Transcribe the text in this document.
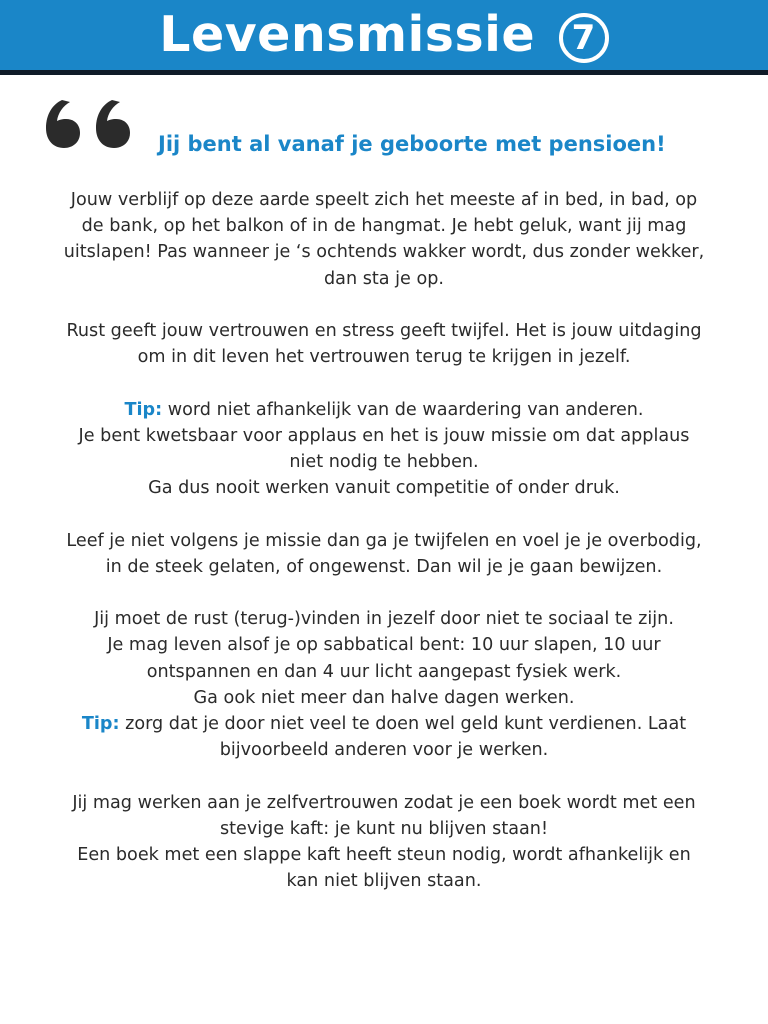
Levensmissie 7
Jij bent al vanaf je geboorte met pensioen!

Jouw verblijf op deze aarde speelt zich het meeste af in bed, in bad, op
de bank, op het balkon of in de hangmat. Je hebt geluk, want jij mag
uitslapen! Pas wanneer je ‘s ochtends wakker wordt, dus zonder wekker,
dan sta je op.

Rust geeft jouw vertrouwen en stress geeft twijfel. Het is jouw uitdaging
om in dit leven het vertrouwen terug te krijgen in jezelf.

Tip: word niet afhankelijk van de waardering van anderen.
Je bent kwetsbaar voor applaus en het is jouw missie om dat applaus
niet nodig te hebben.
Ga dus nooit werken vanuit competitie of onder druk.

Leef je niet volgens je missie dan ga je twijfelen en voel je je overbodig,
in de steek gelaten, of ongewenst. Dan wil je je gaan bewijzen.

Jij moet de rust (terug-)vinden in jezelf door niet te sociaal te zijn.
Je mag leven alsof je op sabbatical bent: 10 uur slapen, 10 uur
ontspannen en dan 4 uur licht aangepast fysiek werk.
Ga ook niet meer dan halve dagen werken.
Tip: zorg dat je door niet veel te doen wel geld kunt verdienen. Laat
bijvoorbeeld anderen voor je werken.

Jij mag werken aan je zelfvertrouwen zodat je een boek wordt met een
stevige kaft: je kunt nu blijven staan!
Een boek met een slappe kaft heeft steun nodig, wordt afhankelijk en
kan niet blijven staan.
